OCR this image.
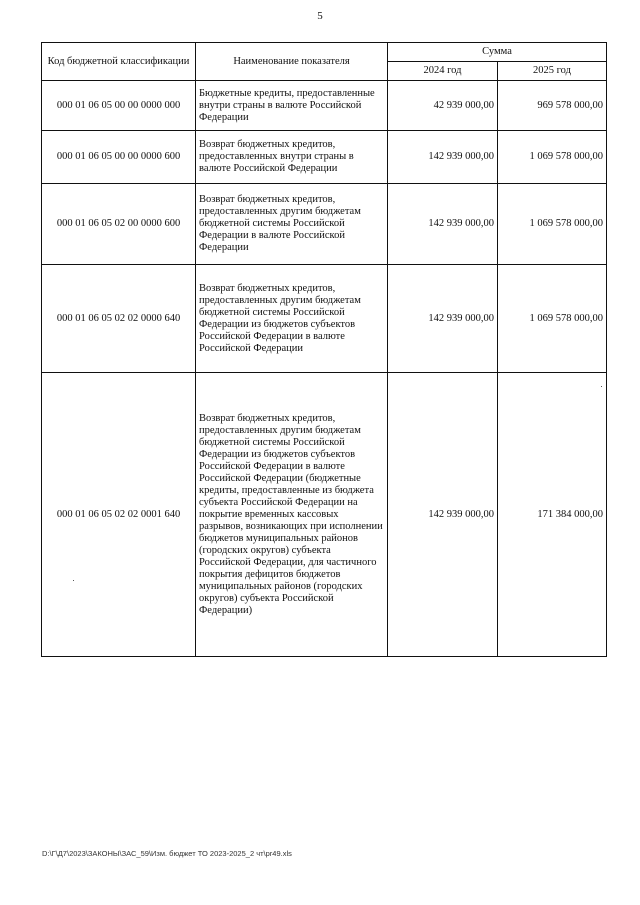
5
Код бюджетной классификации	Наименование показателя	Сумма	
		2024 год	2025 год
000 01 06 05 00 00 0000 000	Бюджетные кредиты, предоставленные внутри страны в валюте Российской Федерации	42 939 000,00	969 578 000,00
000 01 06 05 00 00 0000 600	Возврат бюджетных кредитов, предоставленных внутри страны в валюте Российской Федерации	142 939 000,00	1 069 578 000,00
000 01 06 05 02 00 0000 600	Возврат бюджетных кредитов, предоставленных другим бюджетам бюджетной системы Российской Федерации в валюте Российской Федерации	142 939 000,00	1 069 578 000,00
000 01 06 05 02 02 0000 640	Возврат бюджетных кредитов, предоставленных другим бюджетам бюджетной системы Российской Федерации из бюджетов субъектов Российской Федерации в валюте Российской Федерации	142 939 000,00	1 069 578 000,00
000 01 06 05 02 02 0001 640	Возврат бюджетных кредитов, предоставленных другим бюджетам бюджетной системы Российской Федерации из бюджетов субъектов Российской Федерации в валюте Российской Федерации (бюджетные кредиты, предоставленные из бюджета субъекта Российской Федерации на покрытие временных кассовых разрывов, возникающих при исполнении бюджетов муниципальных районов (городских округов) субъекта Российской Федерации, для частичного покрытия дефицитов бюджетов муниципальных районов (городских округов) субъекта Российской Федерации)	142 939 000,00	171 384 000,00
D:\Г\Д7\2023\ЗАКОНЫ\ЗАС_59\Изм. бюджет ТО 2023-2025_2 чт\pr49.xls
